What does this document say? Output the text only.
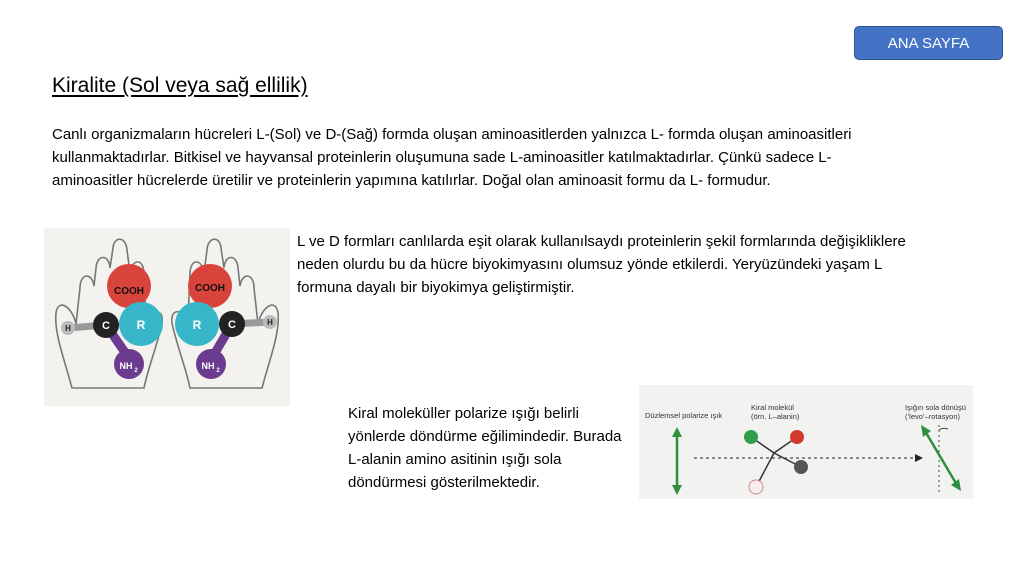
ANA SAYFA
Kiralite (Sol veya sağ ellilik)

Canlı organizmaların hücreleri L-(Sol) ve D-(Sağ) formda oluşan aminoasitlerden yalnızca L- formda oluşan aminoasitleri kullanmaktadırlar. Bitkisel ve hayvansal proteinlerin oluşumuna sade L-aminoasitler katılmaktadırlar. Çünkü sadece L- aminoasitler hücrelerde üretilir ve proteinlerin yapımına katılırlar. Doğal olan aminoasit formu da L- formudur.

COOH
R
C
H
NH 2
COOH
R C	H
NH 2

L ve D formları canlılarda eşit olarak kullanılsaydı proteinlerin şekil formlarında değişikliklere neden olurdu bu da hücre biyokimyasını olumsuz yönde etkilerdi. Yeryüzündeki yaşam L formuna dayalı bir biyokimya geliştirmiştir.

Kiral moleküller polarize ışığı belirli yönlerde döndürme eğilimindedir. Burada L-alanin amino asitinin ışığı sola döndürmesi gösterilmektedir.

Düzlemsel polarize ışık
Kiral molekül
(örn. L–alanin)
Işığın sola dönüşü
(’levo’–rotasyon)
